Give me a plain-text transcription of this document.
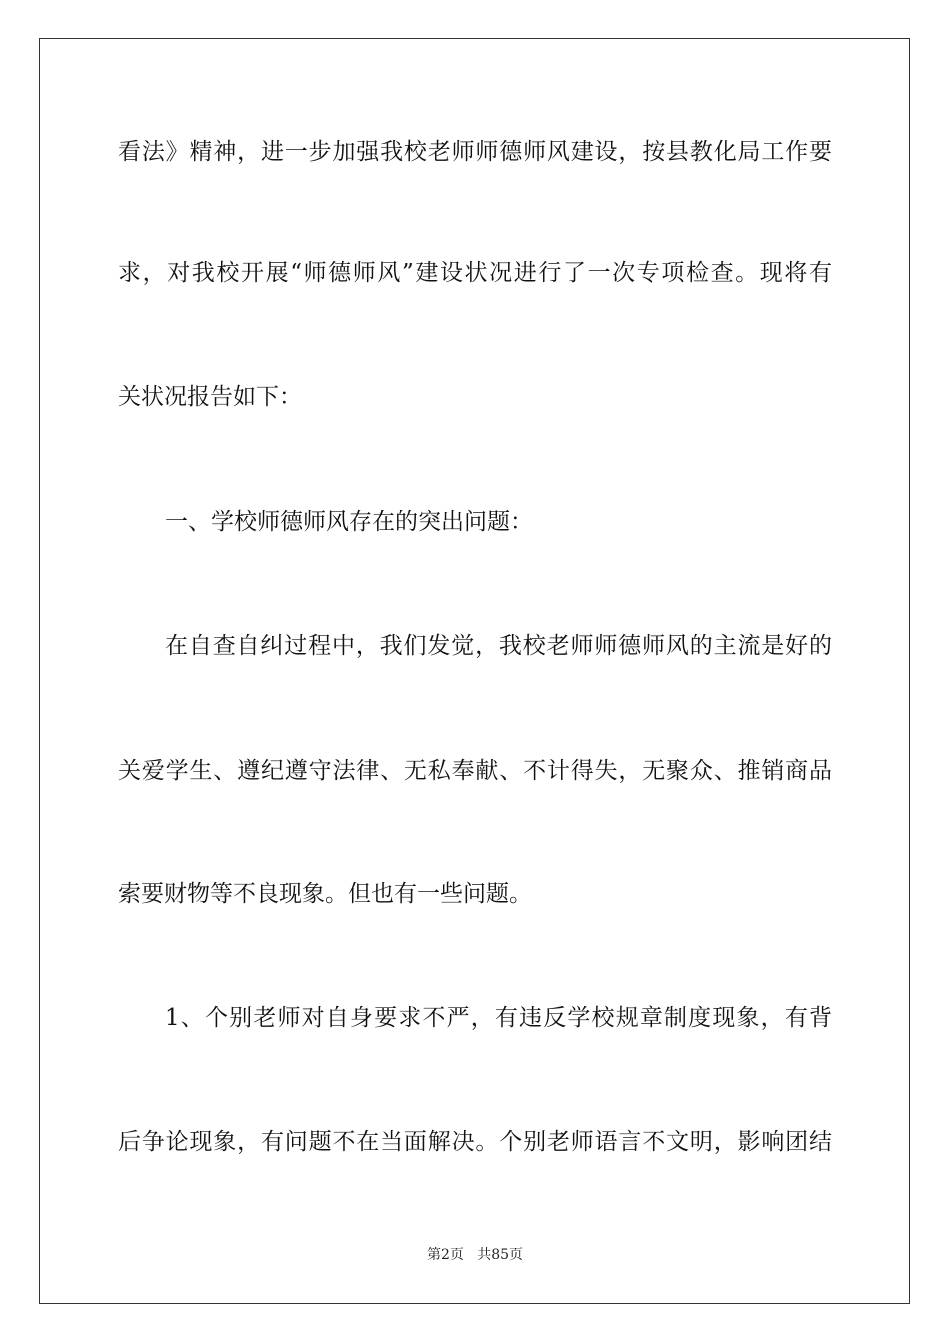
看法》精神，进一步加强我校老师师德师风建设，按县教化局工作要

求，对我校开展“师德师风”建设状况进行了一次专项检查。现将有

关状况报告如下：

一、学校师德师风存在的突出问题：

在自查自纠过程中，我们发觉，我校老师师德师风的主流是好的

关爱学生、遵纪遵守法律、无私奉献、不计得失，无聚众、推销商品

索要财物等不良现象。但也有一些问题。

1、个别老师对自身要求不严，有违反学校规章制度现象，有背

后争论现象，有问题不在当面解决。个别老师语言不文明，影响团结

第2页   共85页
